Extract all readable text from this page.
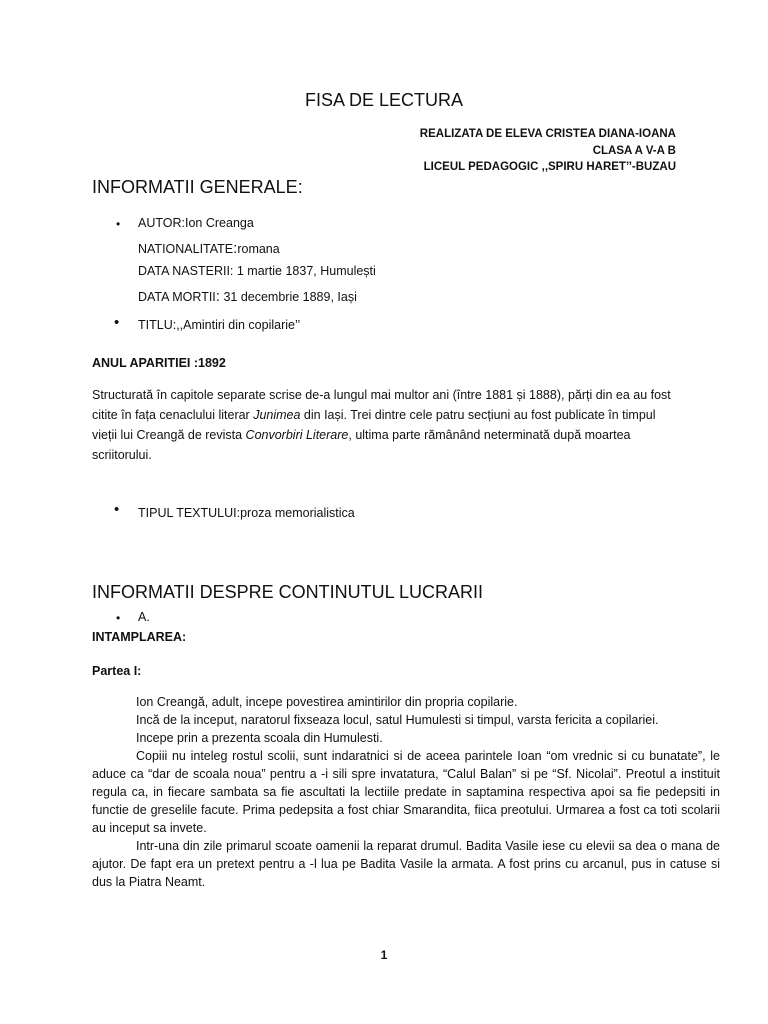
FISA DE LECTURA
REALIZATA DE ELEVA CRISTEA DIANA-IOANA
CLASA A V-A B
LICEUL PEDAGOGIC ,,SPIRU HARET’’-BUZAU
INFORMATII GENERALE:
• AUTOR:Ion Creanga
NATIONALITATE:romana
DATA NASTERII: 1 martie 1837, Humulești
DATA MORTII: 31 decembrie 1889, Iași
• TITLU:,,Amintiri din copilarie’’
ANUL APARITIEI :1892
Structurată în capitole separate scrise de-a lungul mai multor ani (între 1881 și 1888), părți din ea au fost citite în fața cenaclului literar Junimea din Iași. Trei dintre cele patru secțiuni au fost publicate în timpul vieții lui Creangă de revista Convorbiri Literare, ultima parte rămânând neterminată după moartea scriitorului.
• TIPUL TEXTULUI:proza memorialistica
INFORMATII DESPRE CONTINUTUL LUCRARII
• A.
INTAMPLAREA:
Partea I:

Ion Creangă, adult, incepe povestirea amintirilor din propria copilarie.

Incă de la inceput, naratorul fixseaza locul, satul Humulesti si timpul, varsta fericita a copilariei.

Incepe prin a prezenta scoala din Humulesti.

Copiii nu inteleg rostul scolii, sunt indaratnici si de aceea parintele Ioan “om vrednic si cu bunatate”, le aduce ca “dar de scoala noua” pentru a -i sili spre invatatura, “Calul Balan” si pe “Sf. Nicolai”. Preotul a instituit regula ca, in fiecare sambata sa fie ascultati la lectiile predate in saptamina respectiva apoi sa fie pedepsiti in functie de greselile facute. Prima pedepsita a fost chiar Smarandita, fiica preotului. Urmarea a fost ca toti scolarii au inceput sa invete.

Intr-una din zile primarul scoate oamenii la reparat drumul. Badita Vasile iese cu elevii sa dea o mana de ajutor. De fapt era un pretext pentru a -l lua pe Badita Vasile la armata. A fost prins cu arcanul, pus in catuse si dus la Piatra Neamt.

1
